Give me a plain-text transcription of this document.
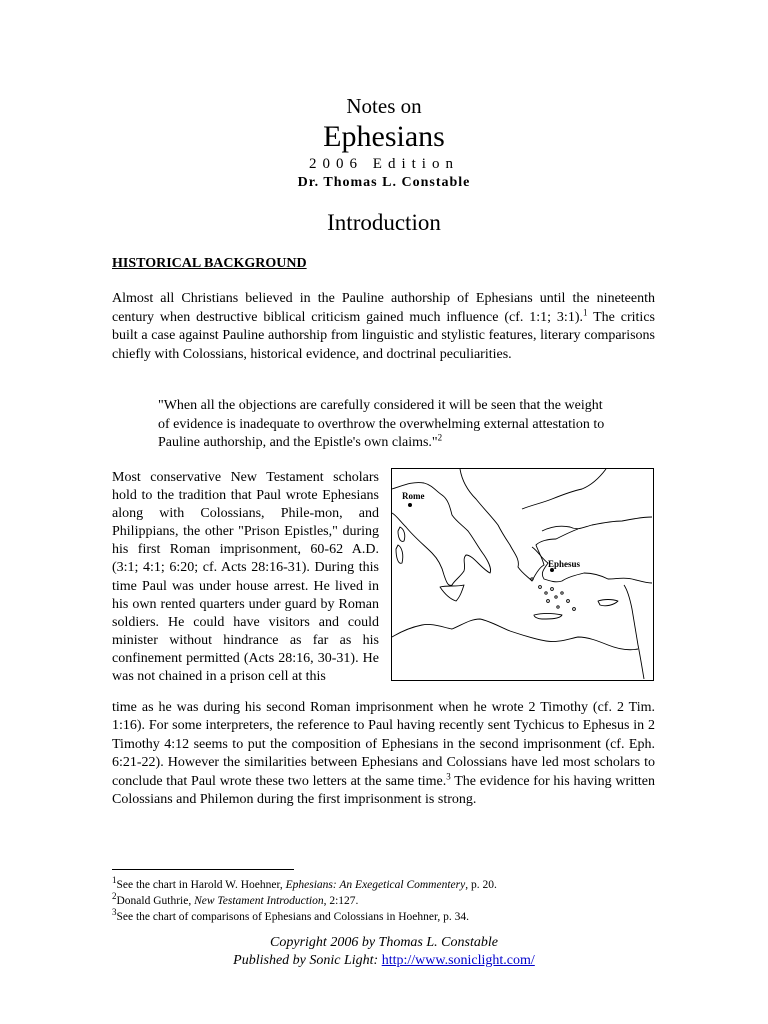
Notes on
Ephesians
2006 Edition
Dr. Thomas L. Constable
Introduction
HISTORICAL BACKGROUND
Almost all Christians believed in the Pauline authorship of Ephesians until the nineteenth century when destructive biblical criticism gained much influence (cf. 1:1; 3:1).$^1$ The critics built a case against Pauline authorship from linguistic and stylistic features, literary comparisons chiefly with Colossians, historical evidence, and doctrinal peculiarities.
"When all the objections are carefully considered it will be seen that the weight of evidence is inadequate to overthrow the overwhelming external attestation to Pauline authorship, and the Epistle's own claims."$^2$
Most conservative New Testament scholars hold to the tradition that Paul wrote Ephesians along with Colossians, Phile-mon, and Philippians, the other "Prison Epistles," during his first Roman imprisonment, 60-62 A.D. (3:1; 4:1; 6:20; cf. Acts 28:16-31). During this time Paul was under house arrest. He lived in his own rented quarters under guard by Roman soldiers. He could have visitors and could minister without hindrance as far as his confinement permitted (Acts 28:16, 30-31). He was not chained in a prison cell at this
Rome
Ephesus
time as he was during his second Roman imprisonment when he wrote 2 Timothy (cf. 2 Tim. 1:16). For some interpreters, the reference to Paul having recently sent Tychicus to Ephesus in 2 Timothy 4:12 seems to put the composition of Ephesians in the second imprisonment (cf. Eph. 6:21-22). However the similarities between Ephesians and Colossians have led most scholars to conclude that Paul wrote these two letters at the same time.$^3$ The evidence for his having written Colossians and Philemon during the first imprisonment is strong.
$^1$See the chart in Harold W. Hoehner, Ephesians: An Exegetical Commentery, p. 20.
$^2$Donald Guthrie, New Testament Introduction, 2:127.
$^3$See the chart of comparisons of Ephesians and Colossians in Hoehner, p. 34.
Copyright 2006 by Thomas L. Constable
Published by Sonic Light: http://www.soniclight.com/
